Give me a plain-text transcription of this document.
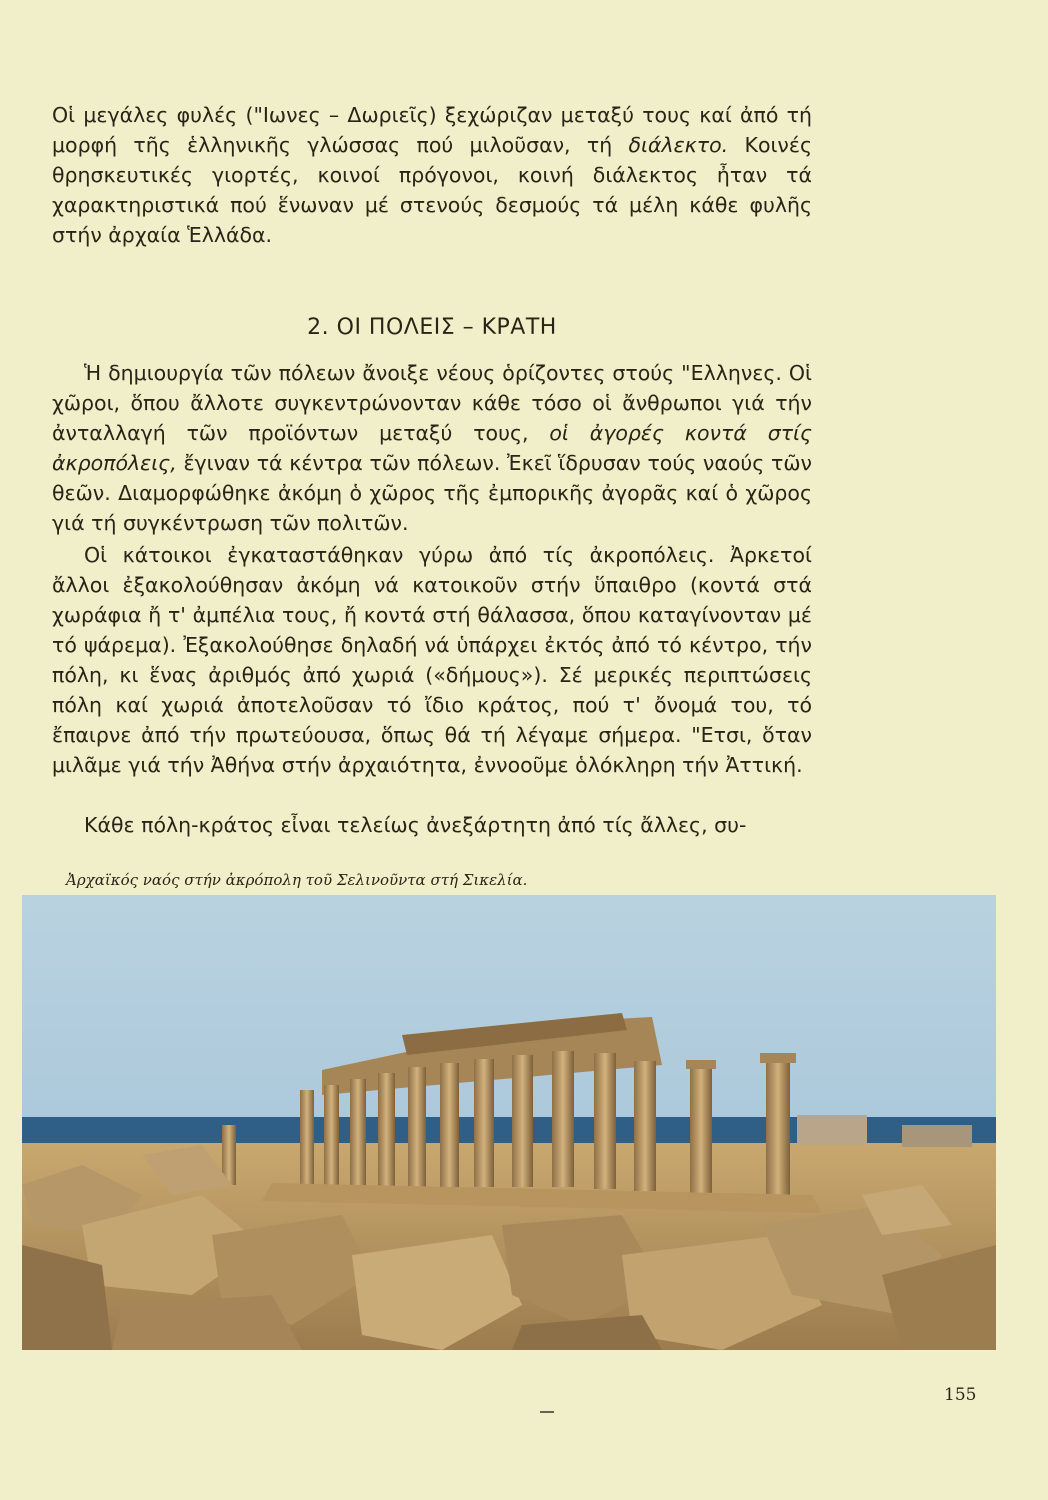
Οἱ μεγάλες φυλές ("Ιωνες – Δωριεῖς) ξεχώριζαν μεταξύ τους καί ἀπό τή μορφή τῆς ἑλληνικῆς γλώσσας πού μιλοῦσαν, τή διάλεκτο. Κοινές θρησκευτικές γιορτές, κοινοί πρόγονοι, κοινή διάλεκτος ἦταν τά χαρακτηριστικά πού ἕνωναν μέ στενούς δεσμούς τά μέλη κάθε φυλῆς στήν ἀρχαία Ἑλλάδα.

2. ΟΙ ΠΟΛΕΙΣ – ΚΡΑΤΗ

Ἡ δημιουργία τῶν πόλεων ἄνοιξε νέους ὁρίζοντες στούς "Ελληνες. Οἱ χῶροι, ὅπου ἄλλοτε συγκεντρώνονταν κάθε τόσο οἱ ἄνθρωποι γιά τήν ἀνταλλαγή τῶν προϊόντων μεταξύ τους, οἱ ἀγορές κοντά στίς ἀκροπόλεις, ἔγιναν τά κέντρα τῶν πόλεων. Ἐκεῖ ἵδρυσαν τούς ναούς τῶν θεῶν. Διαμορφώθηκε ἀκόμη ὁ χῶρος τῆς ἐμπορικῆς ἀγορᾶς καί ὁ χῶρος γιά τή συγκέντρωση τῶν πολιτῶν.

Οἱ κάτοικοι ἐγκαταστάθηκαν γύρω ἀπό τίς ἀκροπόλεις. Ἀρκετοί ἄλλοι ἐξακολούθησαν ἀκόμη νά κατοικοῦν στήν ὕπαιθρο (κοντά στά χωράφια ἤ τ' ἀμπέλια τους, ἤ κοντά στή θάλασσα, ὅπου καταγίνονταν μέ τό ψάρεμα). Ἐξακολούθησε δηλαδή νά ὑπάρχει ἐκτός ἀπό τό κέντρο, τήν πόλη, κι ἕνας ἀριθμός ἀπό χωριά («δήμους»). Σέ μερικές περιπτώσεις πόλη καί χωριά ἀποτελοῦσαν τό ἴδιο κράτος, πού τ' ὄνομά του, τό ἔπαιρνε ἀπό τήν πρωτεύουσα, ὅπως θά τή λέγαμε σήμερα. "Ετσι, ὅταν μιλᾶμε γιά τήν Ἀθήνα στήν ἀρχαιότητα, ἐννοοῦμε ὁλόκληρη τήν Ἀττική.

Κάθε πόλη-κράτος εἶναι τελείως ἀνεξάρτητη ἀπό τίς ἄλλες, συ-

Ἀρχαϊκός ναός στήν ἀκρόπολη τοῦ Σελινοῦντα στή Σικελία.
155
